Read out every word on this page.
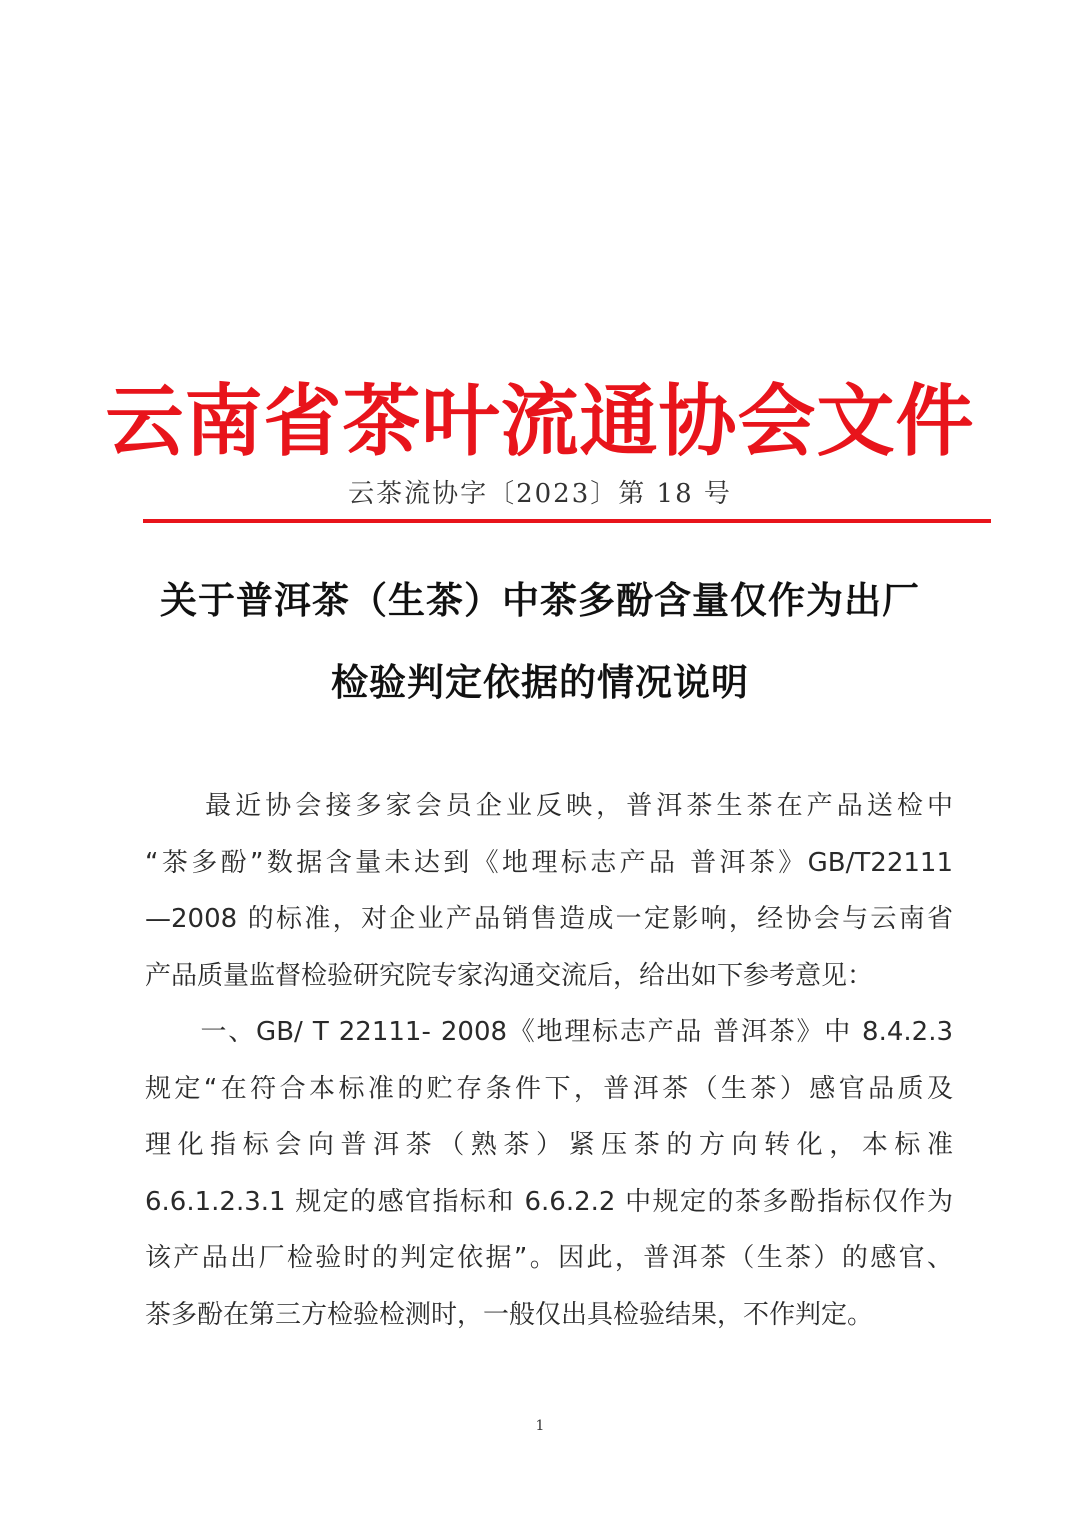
云南省茶叶流通协会文件
云茶流协字〔2023〕第 18 号
关于普洱茶（生茶）中茶多酚含量仅作为出厂
检验判定依据的情况说明
　　最近协会接多家会员企业反映，普洱茶生茶在产品送检中
“茶多酚”数据含量未达到《地理标志产品 普洱茶》GB/T22111
—2008 的标准，对企业产品销售造成一定影响，经协会与云南省
产品质量监督检验研究院专家沟通交流后，给出如下参考意见：
　　一、GB/ T 22111- 2008《地理标志产品 普洱茶》中 8.4.2.3
规定“在符合本标准的贮存条件下，普洱茶（生茶）感官品质及
理化指标会向普洱茶（熟茶）紧压茶的方向转化，本标准
6.6.1.2.3.1 规定的感官指标和 6.6.2.2 中规定的茶多酚指标仅作为
该产品出厂检验时的判定依据”。因此，普洱茶（生茶）的感官、
茶多酚在第三方检验检测时，一般仅出具检验结果，不作判定。
1
